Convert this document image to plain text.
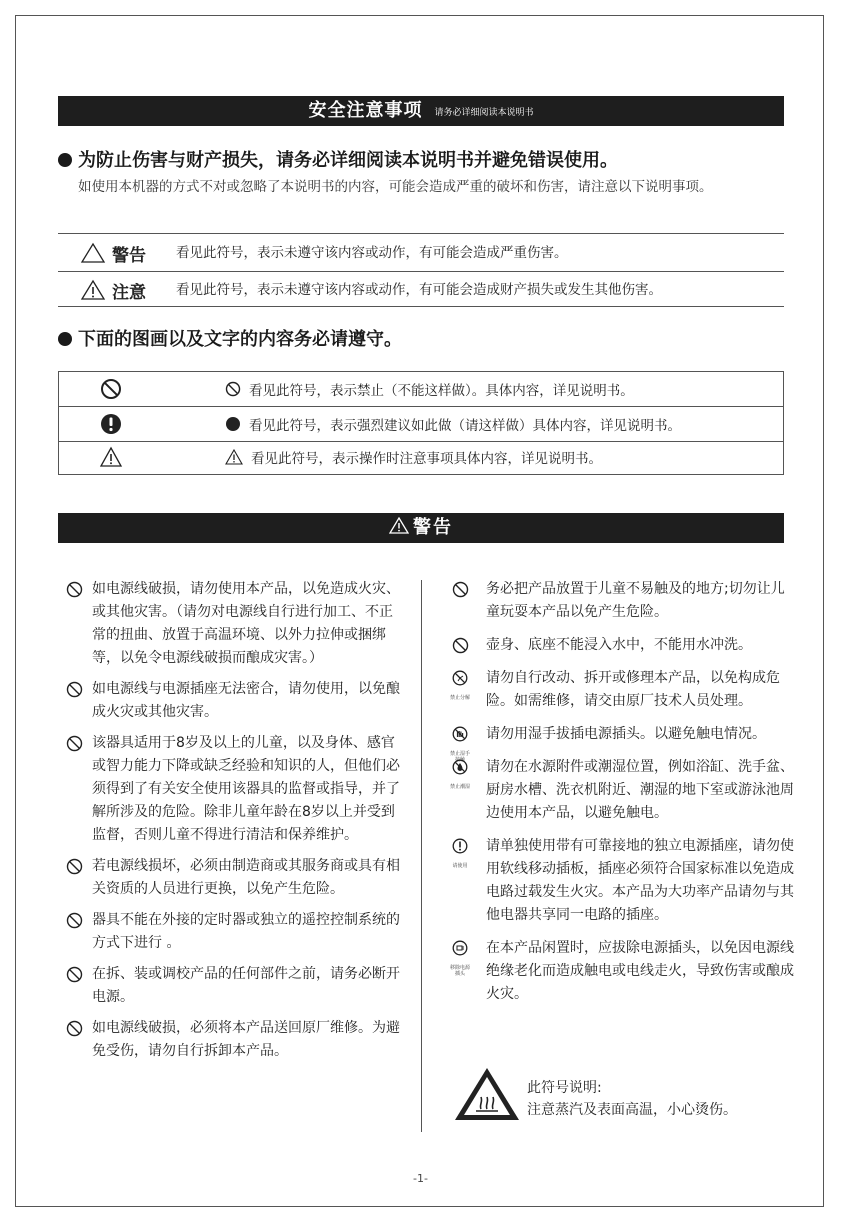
安全注意事项 请务必详细阅读本说明书
为防止伤害与财产损失，请务必详细阅读本说明书并避免错误使用。
如使用本机器的方式不对或忽略了本说明书的内容，可能会造成严重的破坏和伤害，请注意以下说明事项。
警告 看见此符号，表示未遵守该内容或动作，有可能会造成严重伤害。
注意 看见此符号，表示未遵守该内容或动作，有可能会造成财产损失或发生其他伤害。
下面的图画以及文字的内容务必请遵守。
看见此符号，表示禁止（不能这样做）。具体内容，详见说明书。
看见此符号，表示强烈建议如此做（请这样做）具体内容，详见说明书。
看见此符号，表示操作时注意事项具体内容，详见说明书。
警告
如电源线破损，请勿使用本产品，以免造成火灾、或其他灾害。（请勿对电源线自行进行加工、不正常的扭曲、放置于高温环境、以外力拉伸或捆绑等，以免令电源线破损而酿成灾害。）
如电源线与电源插座无法密合，请勿使用，以免酿成火灾或其他灾害。
该器具适用于8岁及以上的儿童，以及身体、感官或智力能力下降或缺乏经验和知识的人，但他们必须得到了有关安全使用该器具的监督或指导，并了解所涉及的危险。除非儿童年龄在8岁以上并受到监督，否则儿童不得进行清洁和保养维护。
若电源线损坏，必须由制造商或其服务商或具有相关资质的人员进行更换，以免产生危险。
器具不能在外接的定时器或独立的遥控控制系统的方式下进行 。
在拆、装或调校产品的任何部件之前，请务必断开电源。
如电源线破损，必须将本产品送回原厂维修。为避免受伤，请勿自行拆卸本产品。
务必把产品放置于儿童不易触及的地方;切勿让儿童玩耍本产品以免产生危险。
壶身、底座不能浸入水中，不能用水冲洗。
禁止分解
请勿自行改动、拆开或修理本产品，以免构成危险。如需维修，请交由原厂技术人员处理。
禁止湿手接触
请勿用湿手拔插电源插头。以避免触电情况。
禁止潮湿
请勿在水源附件或潮湿位置，例如浴缸、洗手盆、厨房水槽、洗衣机附近、潮湿的地下室或游泳池周边使用本产品，以避免触电。
请使用
请单独使用带有可靠接地的独立电源插座，请勿使用软线移动插板，插座必须符合国家标准以免造成电路过载发生火灾。本产品为大功率产品请勿与其他电器共享同一电路的插座。
移除电源插头
在本产品闲置时，应拔除电源插头，以免因电源线绝缘老化而造成触电或电线走火，导致伤害或酿成火灾。
此符号说明:
注意蒸汽及表面高温，小心烫伤。
-1-
